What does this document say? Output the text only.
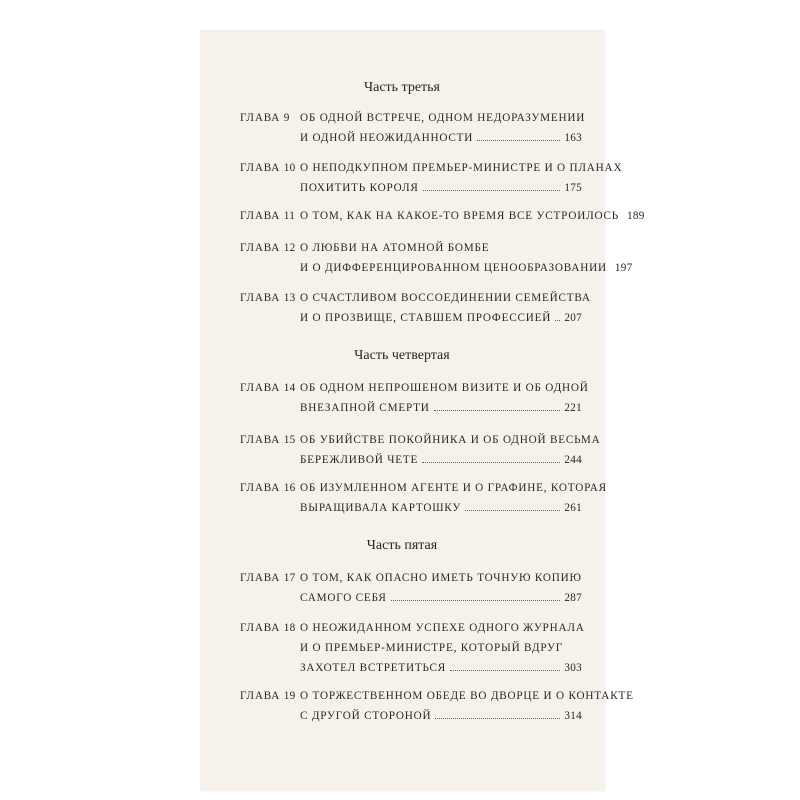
Часть третья
ГЛАВА 9 ОБ ОДНОЙ ВСТРЕЧЕ, ОДНОМ НЕДОРАЗУМЕНИИ
И ОДНОЙ НЕОЖИДАННОСТИ	163
ГЛАВА 10 О НЕПОДКУПНОМ ПРЕМЬЕР-МИНИСТРЕ И О ПЛАНАХ
ПОХИТИТЬ КОРОЛЯ	175
ГЛАВА 11 О ТОМ, КАК НА КАКОЕ-ТО ВРЕМЯ ВСЕ УСТРОИЛОСЬ 189
ГЛАВА 12 О ЛЮБВИ НА АТОМНОЙ БОМБЕ
И О ДИФФЕРЕНЦИРОВАННОМ ЦЕНООБРАЗОВАНИИ 197
ГЛАВА 13 О СЧАСТЛИВОМ ВОССОЕДИНЕНИИ СЕМЕЙСТВА
И О ПРОЗВИЩЕ, СТАВШЕМ ПРОФЕССИЕЙ 207
Часть четвертая
ГЛАВА 14 ОБ ОДНОМ НЕПРОШЕНОМ ВИЗИТЕ И ОБ ОДНОЙ
ВНЕЗАПНОЙ СМЕРТИ	221
ГЛАВА 15 ОБ УБИЙСТВЕ ПОКОЙНИКА И ОБ ОДНОЙ ВЕСЬМА
БЕРЕЖЛИВОЙ ЧЕТЕ	244
ГЛАВА 16 ОБ ИЗУМЛЕННОМ АГЕНТЕ И О ГРАФИНЕ, КОТОРАЯ
ВЫРАЩИВАЛА КАРТОШКУ	261
Часть пятая
ГЛАВА 17 О ТОМ, КАК ОПАСНО ИМЕТЬ ТОЧНУЮ КОПИЮ
САМОГО СЕБЯ	287
ГЛАВА 18 О НЕОЖИДАННОМ УСПЕХЕ ОДНОГО ЖУРНАЛА
И О ПРЕМЬЕР-МИНИСТРЕ, КОТОРЫЙ ВДРУГ
ЗАХОТЕЛ ВСТРЕТИТЬСЯ	303
ГЛАВА 19 О ТОРЖЕСТВЕННОМ ОБЕДЕ ВО ДВОРЦЕ И О КОНТАКТЕ
С ДРУГОЙ СТОРОНОЙ	314
